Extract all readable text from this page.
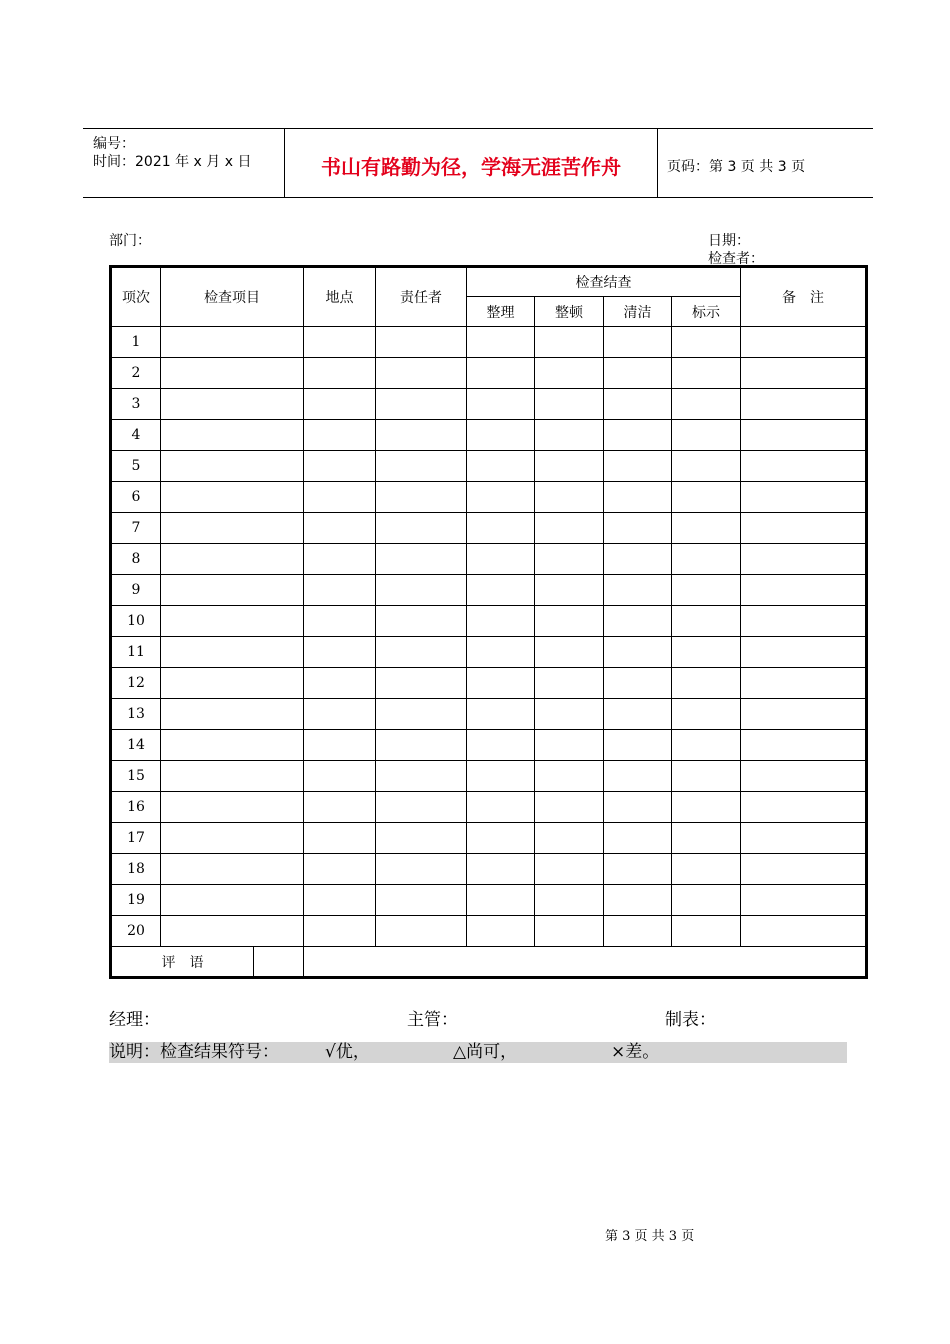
编号：
时间：2021 年 x 月 x 日	书山有路勤为径，学海无涯苦作舟	页码：第 3 页 共 3 页
部门：	日期：
检查者：
项次	检查项目	地点	责任者	检查结查				备　注
				整理	整顿	清洁	标示	
1								
2								
3								
4								
5								
6								
7								
8								
9								
10								
11								
12								
13								
14								
15								
16								
17								
18								
19								
20								

评　语								

经理：	主管：	制表：
说明：检查结果符号：	√优，	△尚可，	×差。
第 3 页 共 3 页
